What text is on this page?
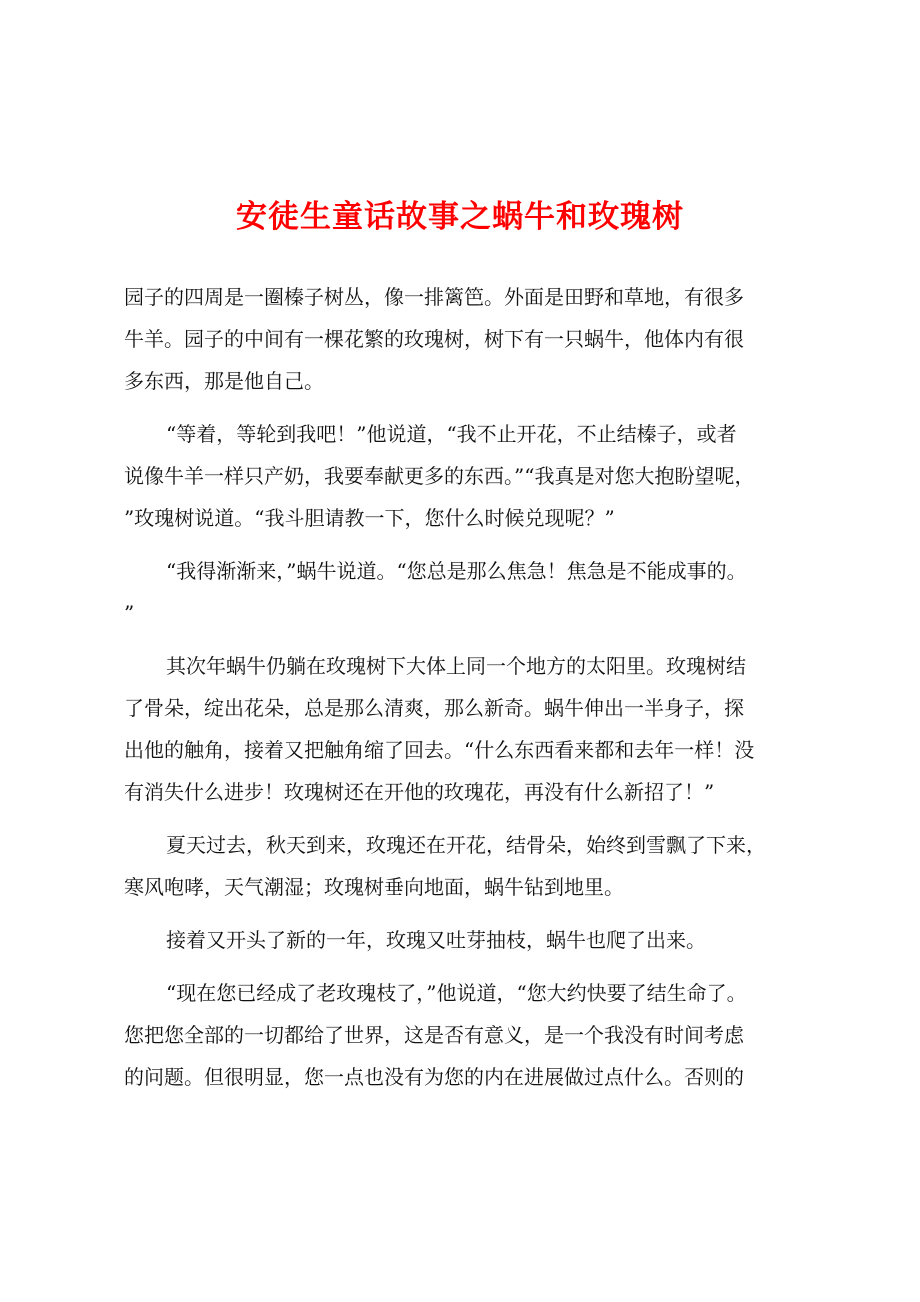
安徒生童话故事之蜗牛和玫瑰树

园子的四周是一圈榛子树丛，像一排篱笆。外面是田野和草地，有很多
牛羊。园子的中间有一棵花繁的玫瑰树，树下有一只蜗牛，他体内有很
多东西，那是他自己。

“等着，等轮到我吧！”他说道，“我不止开花，不止结榛子，或者
说像牛羊一样只产奶，我要奉献更多的东西。”“我真是对您大抱盼望呢，
”玫瑰树说道。“我斗胆请教一下，您什么时候兑现呢？”

“我得渐渐来，”蜗牛说道。“您总是那么焦急！焦急是不能成事的。
”

其次年蜗牛仍躺在玫瑰树下大体上同一个地方的太阳里。玫瑰树结
了骨朵，绽出花朵，总是那么清爽，那么新奇。蜗牛伸出一半身子，探
出他的触角，接着又把触角缩了回去。“什么东西看来都和去年一样！没
有消失什么进步！玫瑰树还在开他的玫瑰花，再没有什么新招了！”

夏天过去，秋天到来，玫瑰还在开花，结骨朵，始终到雪飘了下来，
寒风咆哮，天气潮湿；玫瑰树垂向地面，蜗牛钻到地里。

接着又开头了新的一年，玫瑰又吐芽抽枝，蜗牛也爬了出来。

“现在您已经成了老玫瑰枝了，”他说道，“您大约快要了结生命了。
您把您全部的一切都给了世界，这是否有意义，是一个我没有时间考虑
的问题。但很明显，您一点也没有为您的内在进展做过点什么。否则的
